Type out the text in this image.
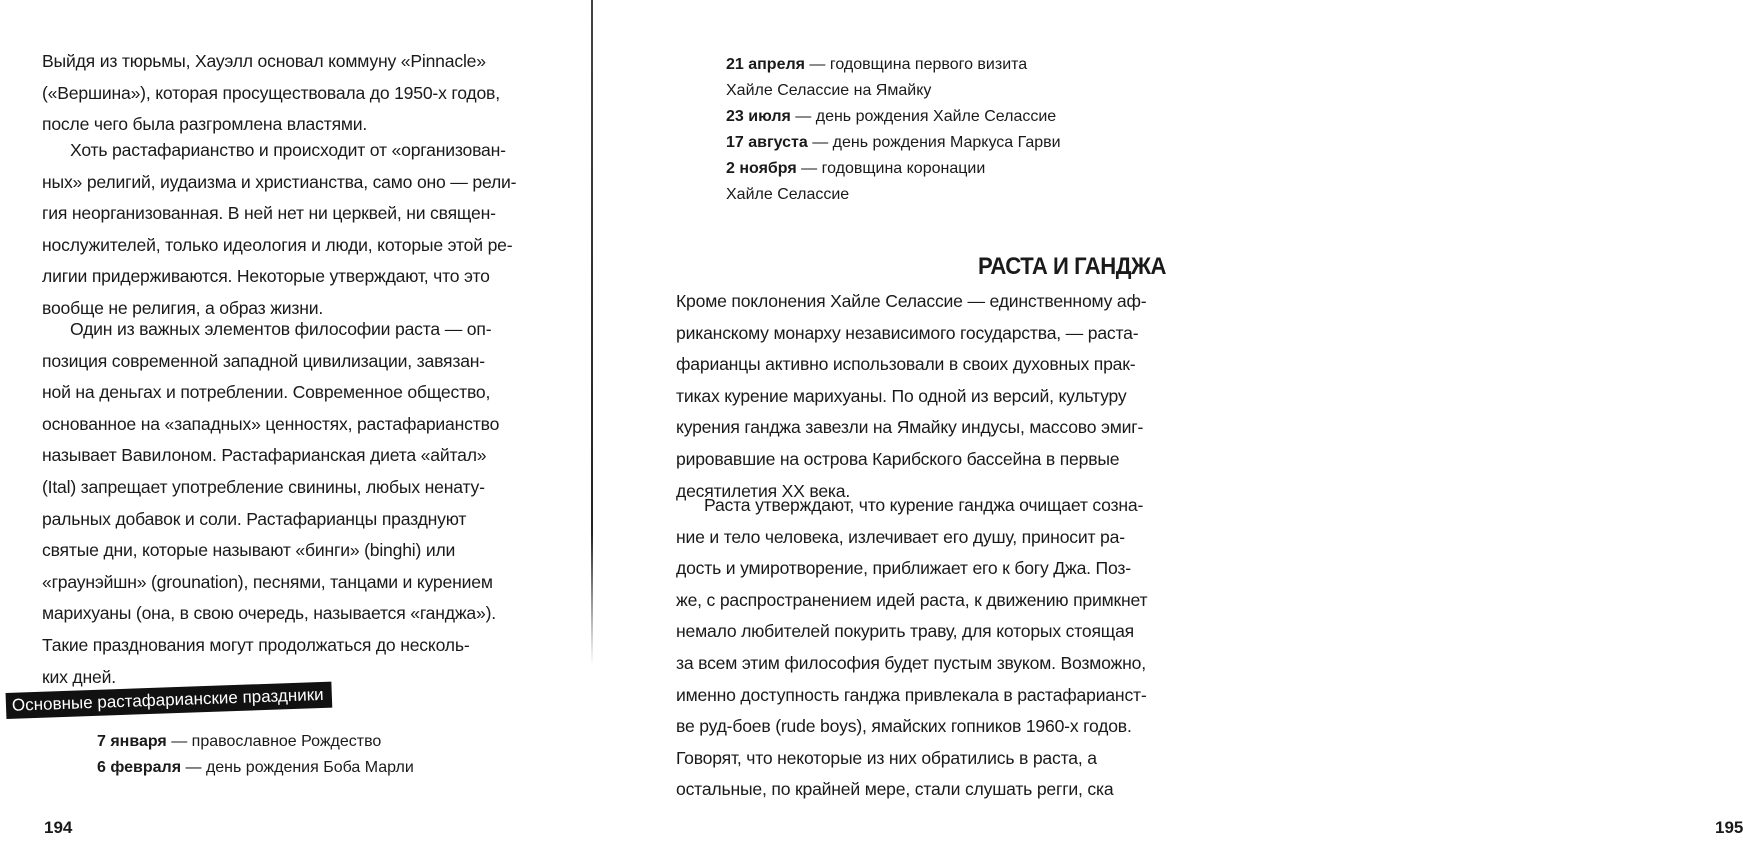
Выйдя из тюрьмы, Хауэлл основал коммуну «Pinnacle»
(«Вершина»), которая просуществовала до 1950-х годов,
после чего была разгромлена властями.

Хоть растафарианство и происходит от «организован-
ных» религий, иудаизма и христианства, само оно — рели-
гия неорганизованная. В ней нет ни церквей, ни священ-
нослужителей, только идеология и люди, которые этой ре-
лигии придерживаются. Некоторые утверждают, что это
вообще не религия, а образ жизни.

Один из важных элементов философии раста — оп-
позиция современной западной цивилизации, завязан-
ной на деньгах и потреблении. Современное общество,
основанное на «западных» ценностях, растафарианство
называет Вавилоном. Растафарианская диета «айтал»
(Ital) запрещает употребление свинины, любых ненату-
ральных добавок и соли. Растафарианцы празднуют
святые дни, которые называют «бинги» (binghi) или
«граунэйшн» (grounation), песнями, танцами и курением
марихуаны (она, в свою очередь, называется «ганджа»).
Такие празднования могут продолжаться до несколь-
ких дней.

Основные растафарианские праздники
7 января — православное Рождество
6 февраля — день рождения Боба Марли
194	195
21 апреля — годовщина первого визита
Хайле Селассие на Ямайку
23 июля — день рождения Хайле Селассие
17 августа — день рождения Маркуса Гарви
2 ноября — годовщина коронации
Хайле Селассие
РАСТА И ГАНДЖА

Кроме поклонения Хайле Селассие — единственному аф-
риканскому монарху независимого государства, — раста-
фарианцы активно использовали в своих духовных прак-
тиках курение марихуаны. По одной из версий, культуру
курения ганджа завезли на Ямайку индусы, массово эмиг-
рировавшие на острова Карибского бассейна в первые
десятилетия XX века.

Раста утверждают, что курение ганджа очищает созна-
ние и тело человека, излечивает его душу, приносит ра-
дость и умиротворение, приближает его к богу Джа. Поз-
же, с распространением идей раста, к движению примкнет
немало любителей покурить траву, для которых стоящая
за всем этим философия будет пустым звуком. Возможно,
именно доступность ганджа привлекала в растафарианст-
ве руд-боев (rude boys), ямайских гопников 1960-х годов.
Говорят, что некоторые из них обратились в раста, а
остальные, по крайней мере, стали слушать регги, ска
